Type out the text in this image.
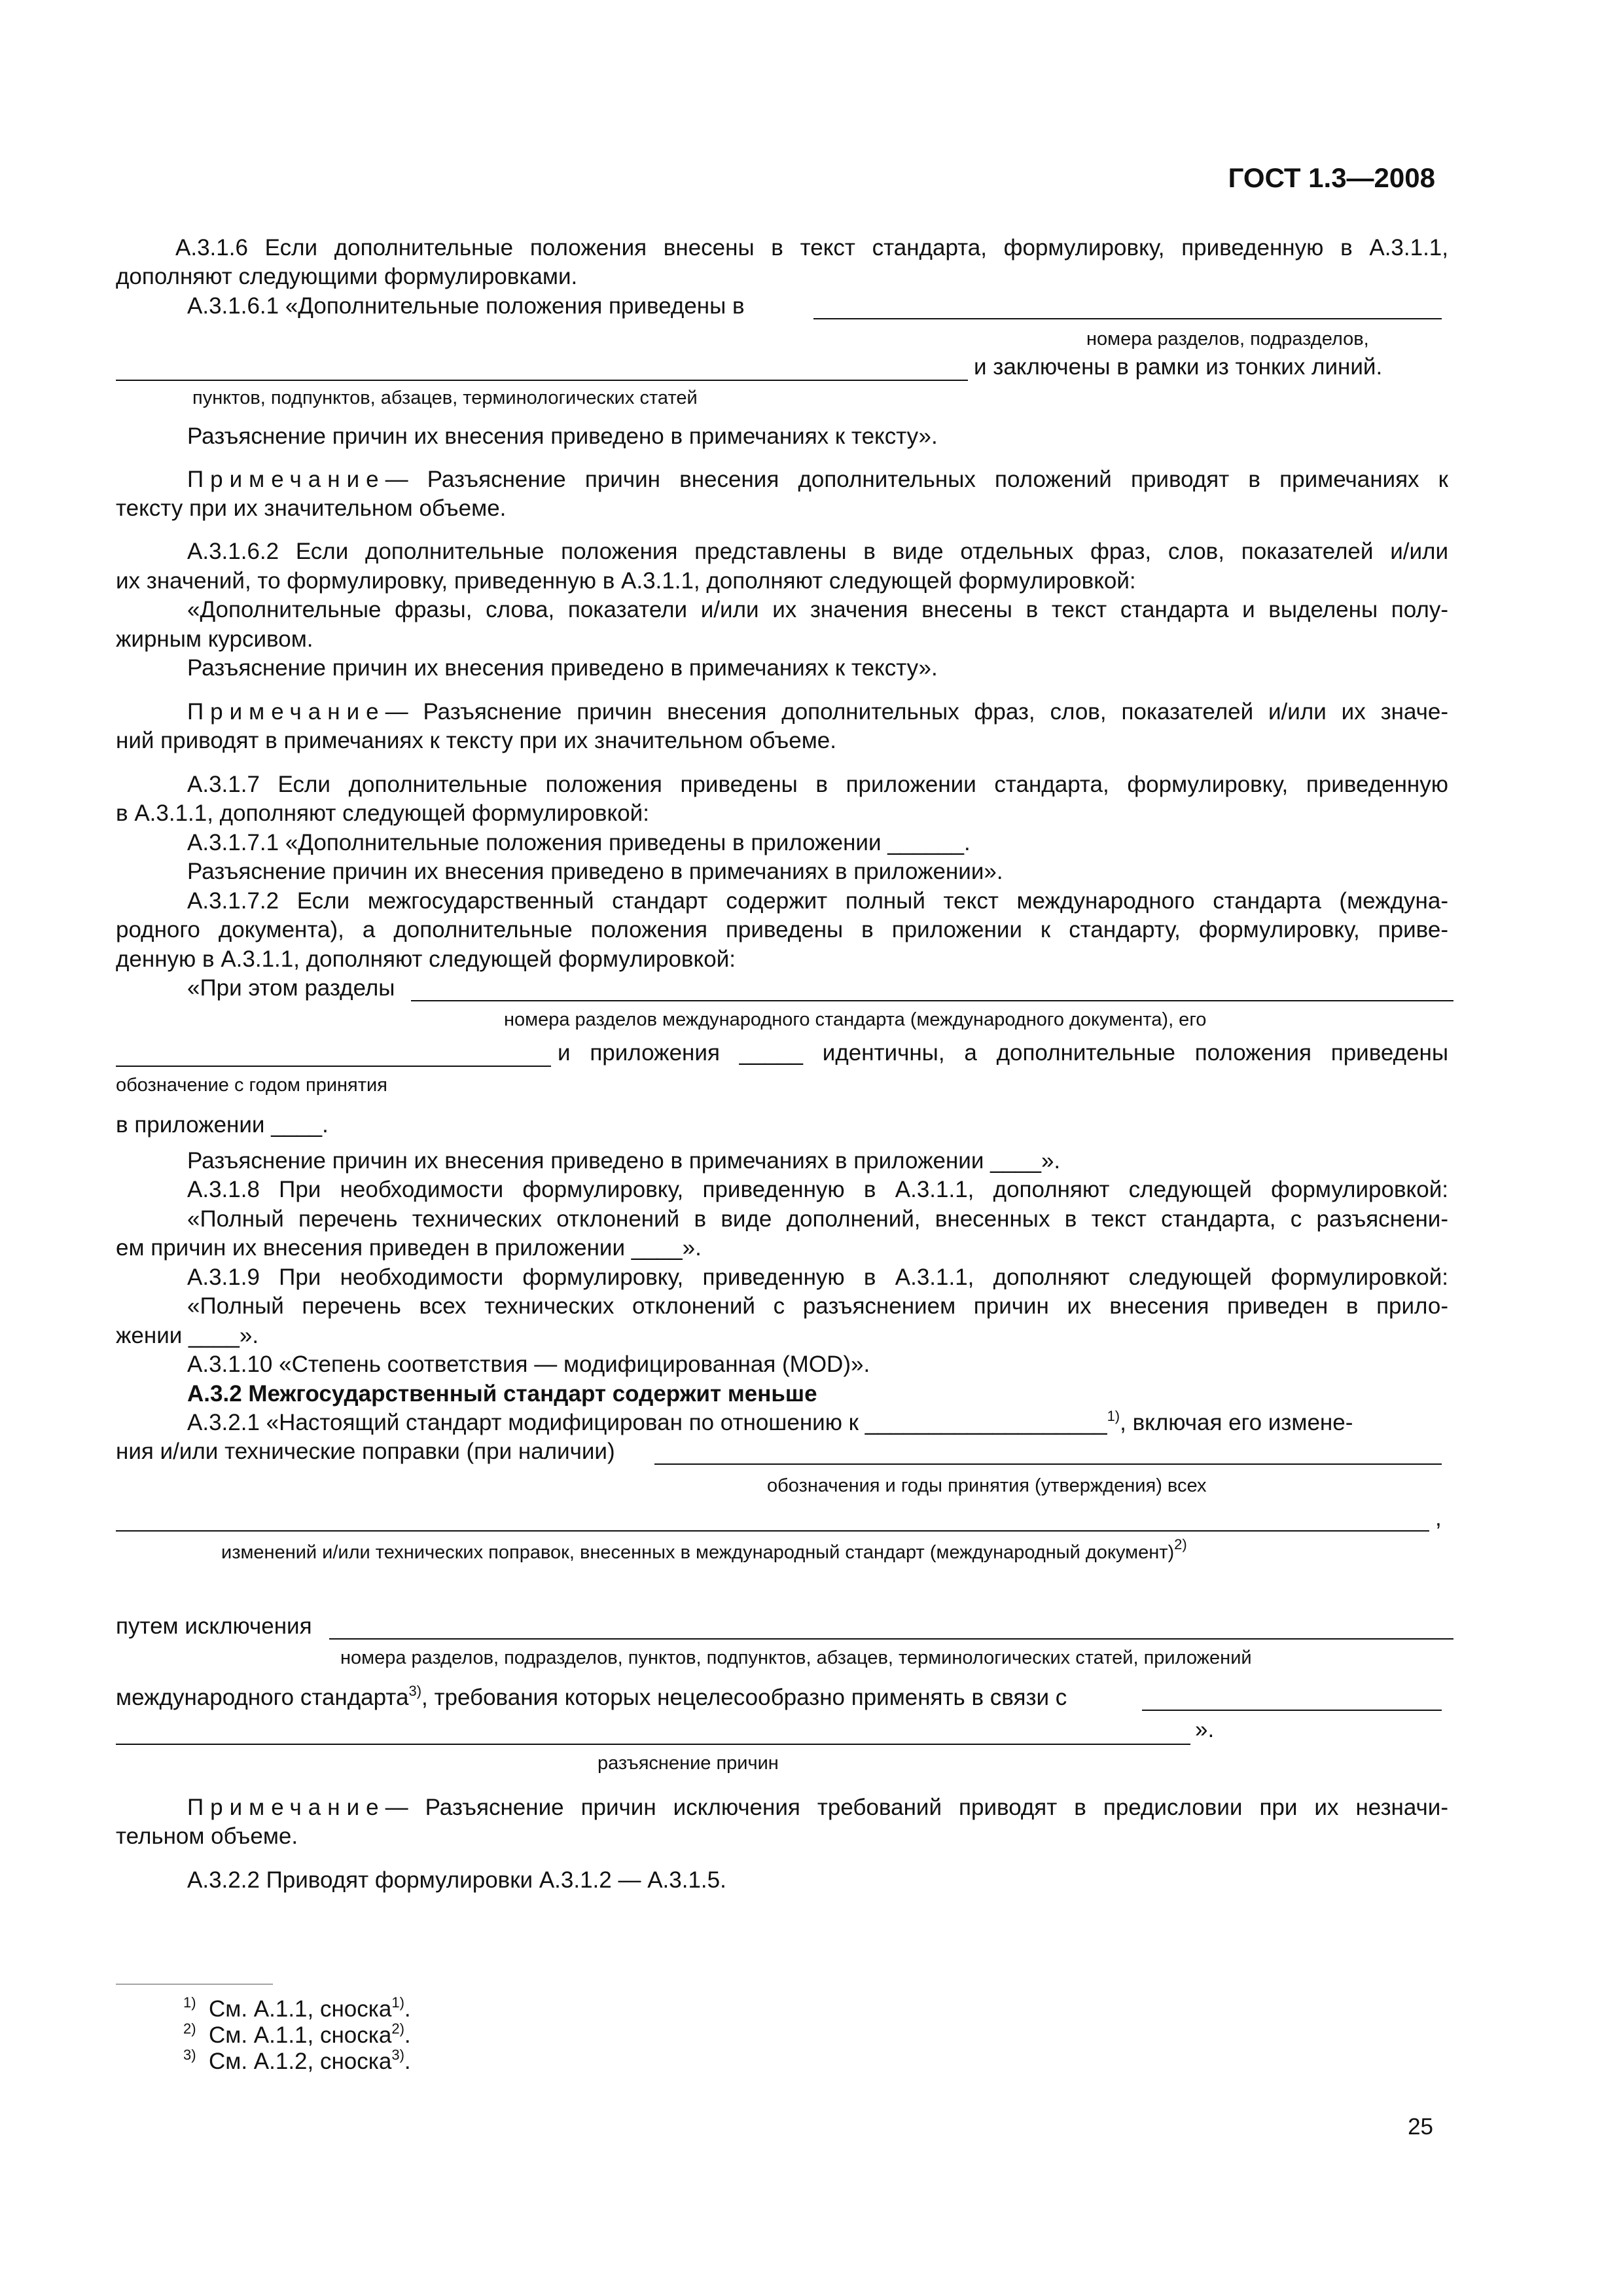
ГОСТ 1.3—2008
А.3.1.6 Если дополнительные положения внесены в текст стандарта, формулировку, приведенную в А.3.1.1,
дополняют следующими формулировками.
А.3.1.6.1 «Дополнительные положения приведены в
номера разделов, подразделов,
и заключены в рамки из тонких линий.
пунктов, подпунктов, абзацев, терминологических статей
Разъяснение причин их внесения приведено в примечаниях к тексту».
Примечание— Разъяснение причин внесения дополнительных положений приводят в примечаниях к
тексту при их значительном объеме.
А.3.1.6.2 Если дополнительные положения представлены в виде отдельных фраз, слов, показателей и/или
их значений, то формулировку, приведенную в А.3.1.1, дополняют следующей формулировкой:
«Дополнительные фразы, слова, показатели и/или их значения внесены в текст стандарта и выделены полу-
жирным курсивом.
Разъяснение причин их внесения приведено в примечаниях к тексту».
Примечание— Разъяснение причин внесения дополнительных фраз, слов, показателей и/или их значе-
ний приводят в примечаниях к тексту при их значительном объеме.
А.3.1.7 Если дополнительные положения приведены в приложении стандарта, формулировку, приведенную
в А.3.1.1, дополняют следующей формулировкой:
А.3.1.7.1 «Дополнительные положения приведены в приложении ______.
Разъяснение причин их внесения приведено в примечаниях в приложении».
А.3.1.7.2 Если межгосударственный стандарт содержит полный текст международного стандарта (междуна-
родного документа), а дополнительные положения приведены в приложении к стандарту, формулировку, приве-
денную в А.3.1.1, дополняют следующей формулировкой:
«При этом разделы
номера разделов международного стандарта (международного документа), его
и приложения _____ идентичны, а дополнительные положения приведены
обозначение с годом принятия
в приложении ____.
Разъяснение причин их внесения приведено в примечаниях в приложении ____».
А.3.1.8 При необходимости формулировку, приведенную в А.3.1.1, дополняют следующей формулировкой:
«Полный перечень технических отклонений в виде дополнений, внесенных в текст стандарта, с разъяснени-
ем причин их внесения приведен в приложении ____».
А.3.1.9 При необходимости формулировку, приведенную в А.3.1.1, дополняют следующей формулировкой:
«Полный перечень всех технических отклонений с разъяснением причин их внесения приведен в прило-
жении ____».
А.3.1.10 «Степень соответствия — модифицированная (MOD)».
А.3.2 Межгосударственный стандарт содержит меньше
А.3.2.1 «Настоящий стандарт модифицирован по отношению к ___________________$^{1)}$, включая его измене-
ния и/или технические поправки (при наличии)
обозначения и годы принятия (утверждения) всех
,
изменений и/или технических поправок, внесенных в международный стандарт (международный документ)$^{2)}$
путем исключения
номера разделов, подразделов, пунктов, подпунктов, абзацев, терминологических статей, приложений
международного стандарта$^{3)}$, требования которых нецелесообразно применять в связи с
».
разъяснение причин
Примечание— Разъяснение причин исключения требований приводят в предисловии при их незначи-
тельном объеме.
А.3.2.2 Приводят формулировки А.3.1.2 — А.3.1.5.
$^{1)}$ См. А.1.1, сноска$^{1)}$.
$^{2)}$ См. А.1.1, сноска$^{2)}$.
$^{3)}$ См. А.1.2, сноска$^{3)}$.
25
